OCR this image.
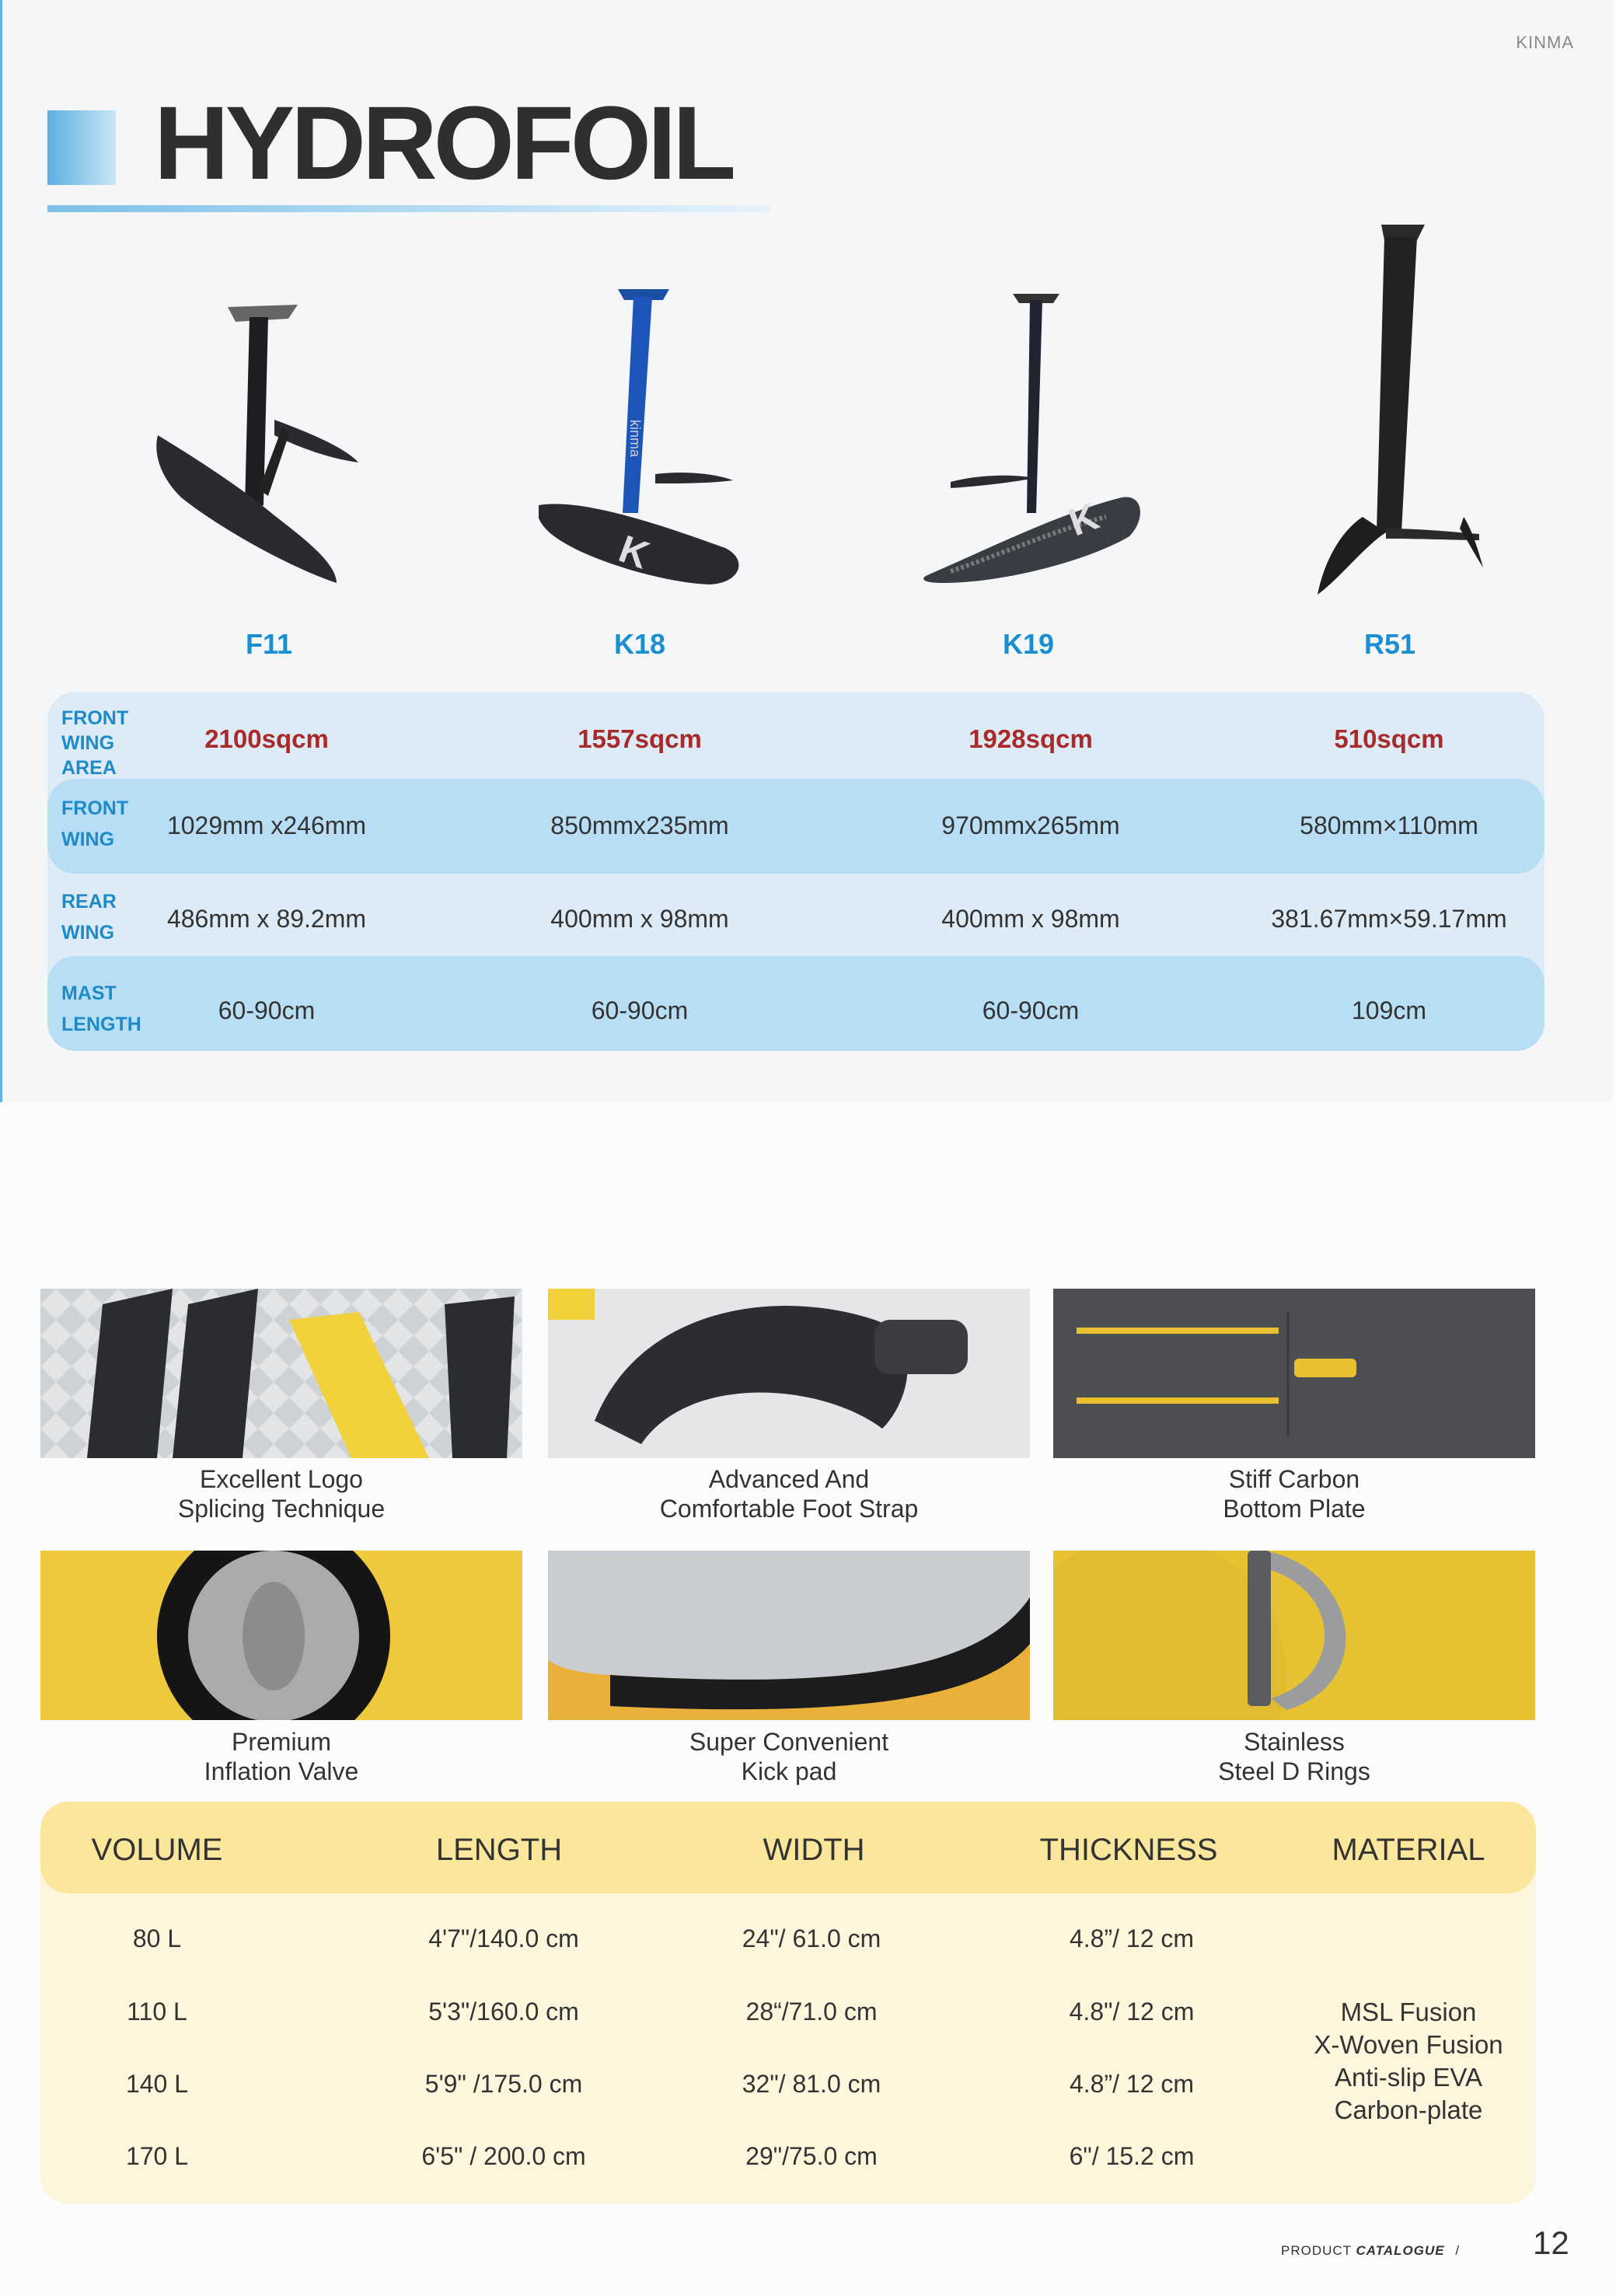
KINMA
HYDROFOIL
kinma
K
K
F11	K18	K19	R51
FRONT
WING
AREA
2100sqcm	1557sqcm	1928sqcm	510sqcm
FRONT
WING	1029mm x246mm	850mmx235mm	970mmx265mm	580mm×110mm
REAR
WING	486mm x 89.2mm	400mm x 98mm	400mm x 98mm	381.67mm×59.17mm
MAST
LENGTH	60-90cm	60-90cm	60-90cm	109cm
Excellent Logo
Splicing Technique
Advanced And
Comfortable Foot Strap
Stiff Carbon
Bottom Plate
Premium
Inflation Valve
Super Convenient
Kick pad
Stainless
Steel D Rings
VOLUME	LENGTH	WIDTH	THICKNESS	MATERIAL
80 L	4'7"/140.0 cm	24"/ 61.0 cm	4.8”/ 12 cm
110 L	5'3"/160.0 cm	28“/71.0 cm	4.8"/ 12 cm
140 L	5'9" /175.0 cm	32"/ 81.0 cm	4.8”/ 12 cm
170 L	6'5" / 200.0 cm	29"/75.0 cm	6"/ 15.2 cm
MSL Fusion
X-Woven Fusion
Anti-slip EVA
Carbon-plate
PRODUCT CATALOGUE / 12
